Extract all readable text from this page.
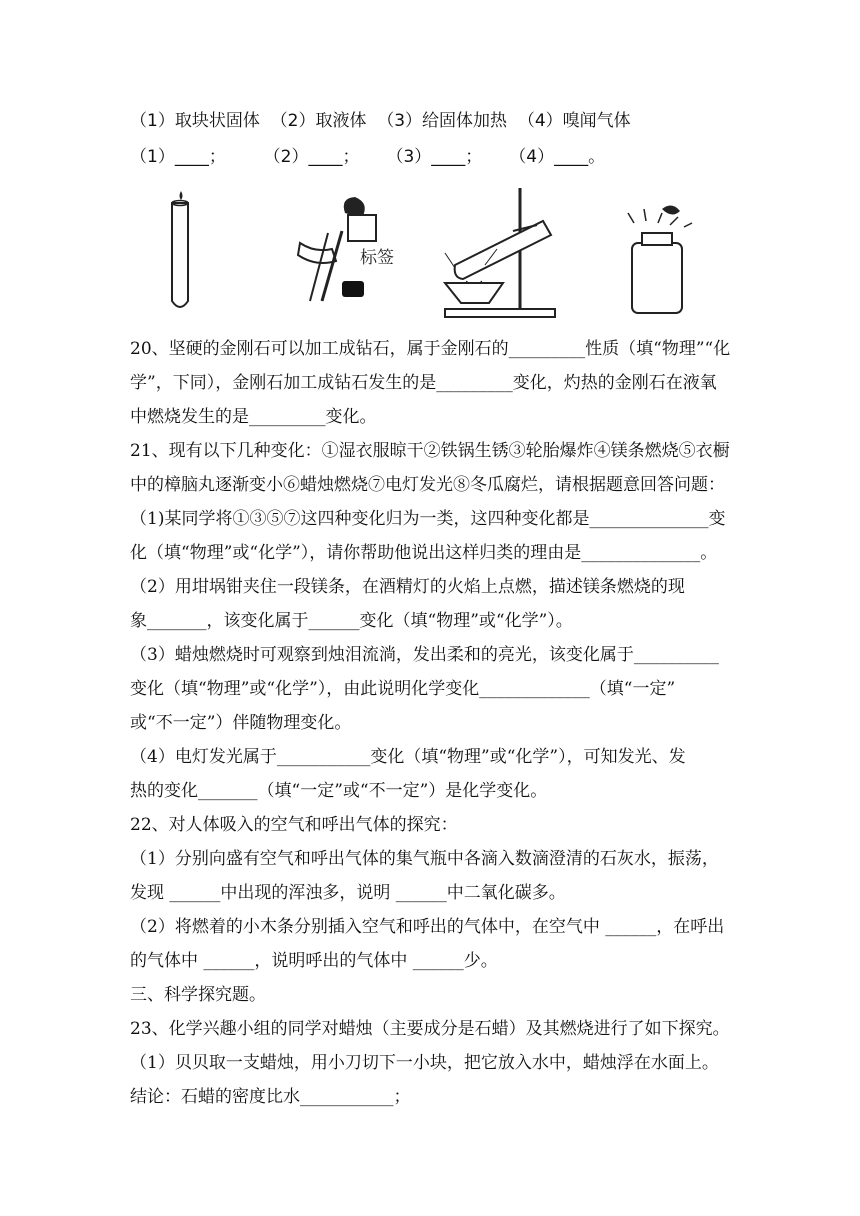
（1）取块状固体  （2）取液体  （3）给固体加热  （4）嗅闻气体
（1）____；       （2）____；     （3）____；     （4）____。
标签
20、坚硬的金刚石可以加工成钻石，属于金刚石的_________性质（填“物理”“化
学”，下同），金刚石加工成钻石发生的是_________变化，灼热的金刚石在液氧
中燃烧发生的是_________变化。
21、现有以下几种变化：①湿衣服晾干②铁锅生锈③轮胎爆炸④镁条燃烧⑤衣橱
中的樟脑丸逐渐变小⑥蜡烛燃烧⑦电灯发光⑧冬瓜腐烂，请根据题意回答问题：
（1)某同学将①③⑤⑦这四种变化归为一类，这四种变化都是______________变
化（填“物理”或“化学”），请你帮助他说出这样归类的理由是______________。
（2）用坩埚钳夹住一段镁条，在酒精灯的火焰上点燃，描述镁条燃烧的现
象_______，该变化属于______变化（填“物理”或“化学”）。
（3）蜡烛燃烧时可观察到烛泪流淌，发出柔和的亮光，该变化属于__________
变化（填“物理”或“化学”），由此说明化学变化_____________（填“一定”
或“不一定”）伴随物理变化。
（4）电灯发光属于___________变化（填“物理”或“化学”），可知发光、发
热的变化_______（填“一定”或“不一定”）是化学变化。
22、对人体吸入的空气和呼出气体的探究：
（1）分别向盛有空气和呼出气体的集气瓶中各滴入数滴澄清的石灰水，振荡，
发现 ______中出现的浑浊多，说明 ______中二氧化碳多。
（2）将燃着的小木条分别插入空气和呼出的气体中，在空气中 ______，在呼出
的气体中 ______，说明呼出的气体中 ______少。
三、科学探究题。
23、化学兴趣小组的同学对蜡烛（主要成分是石蜡）及其燃烧进行了如下探究。
（1）贝贝取一支蜡烛，用小刀切下一小块，把它放入水中，蜡烛浮在水面上。
结论：石蜡的密度比水___________；
